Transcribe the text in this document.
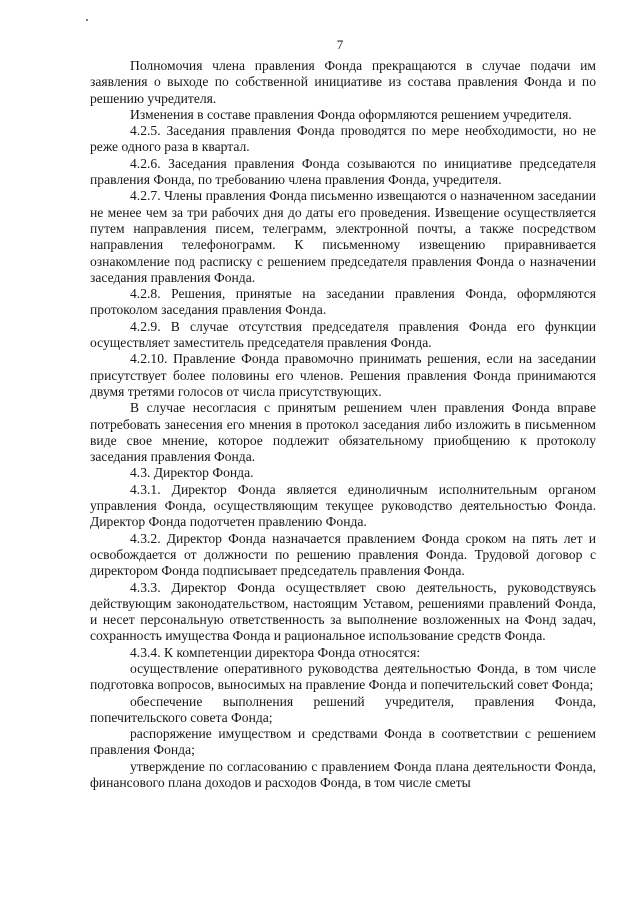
7

Полномочия члена правления Фонда прекращаются в случае подачи им заявления о выходе по собственной инициативе из состава правления Фонда и по решению учредителя.

Изменения в составе правления Фонда оформляются решением учредителя.

4.2.5. Заседания правления Фонда проводятся по мере необходимости, но не реже одного раза в квартал.

4.2.6. Заседания правления Фонда созываются по инициативе председателя правления Фонда, по требованию члена правления Фонда, учредителя.

4.2.7. Члены правления Фонда письменно извещаются о назначенном заседании не менее чем за три рабочих дня до даты его проведения. Извещение осуществляется путем направления писем, телеграмм, электронной почты, а также посредством направления телефонограмм. К письменному извещению приравнивается ознакомление под расписку с решением председателя правления Фонда о назначении заседания правления Фонда.

4.2.8. Решения, принятые на заседании правления Фонда, оформляются протоколом заседания правления Фонда.

4.2.9. В случае отсутствия председателя правления Фонда его функции осуществляет заместитель председателя правления Фонда.

4.2.10. Правление Фонда правомочно принимать решения, если на заседании присутствует более половины его членов. Решения правления Фонда принимаются двумя третями голосов от числа присутствующих.

В случае несогласия с принятым решением член правления Фонда вправе потребовать занесения его мнения в протокол заседания либо изложить в письменном виде свое мнение, которое подлежит обязательному приобщению к протоколу заседания правления Фонда.

4.3. Директор Фонда.

4.3.1. Директор Фонда является единоличным исполнительным органом управления Фонда, осуществляющим текущее руководство деятельностью Фонда. Директор Фонда подотчетен правлению Фонда.

4.3.2. Директор Фонда назначается правлением Фонда сроком на пять лет и освобождается от должности по решению правления Фонда. Трудовой договор с директором Фонда подписывает председатель правления Фонда.

4.3.3. Директор Фонда осуществляет свою деятельность, руководствуясь действующим законодательством, настоящим Уставом, решениями правлений Фонда, и несет персональную ответственность за выполнение возложенных на Фонд задач, сохранность имущества Фонда и рациональное использование средств Фонда.

4.3.4. К компетенции директора Фонда относятся:

осуществление оперативного руководства деятельностью Фонда, в том числе подготовка вопросов, выносимых на правление Фонда и попечительский совет Фонда;

обеспечение выполнения решений учредителя, правления Фонда, попечительского совета Фонда;

распоряжение имуществом и средствами Фонда в соответствии с решением правления Фонда;

утверждение по согласованию с правлением Фонда плана деятельности Фонда, финансового плана доходов и расходов Фонда, в том числе сметы
